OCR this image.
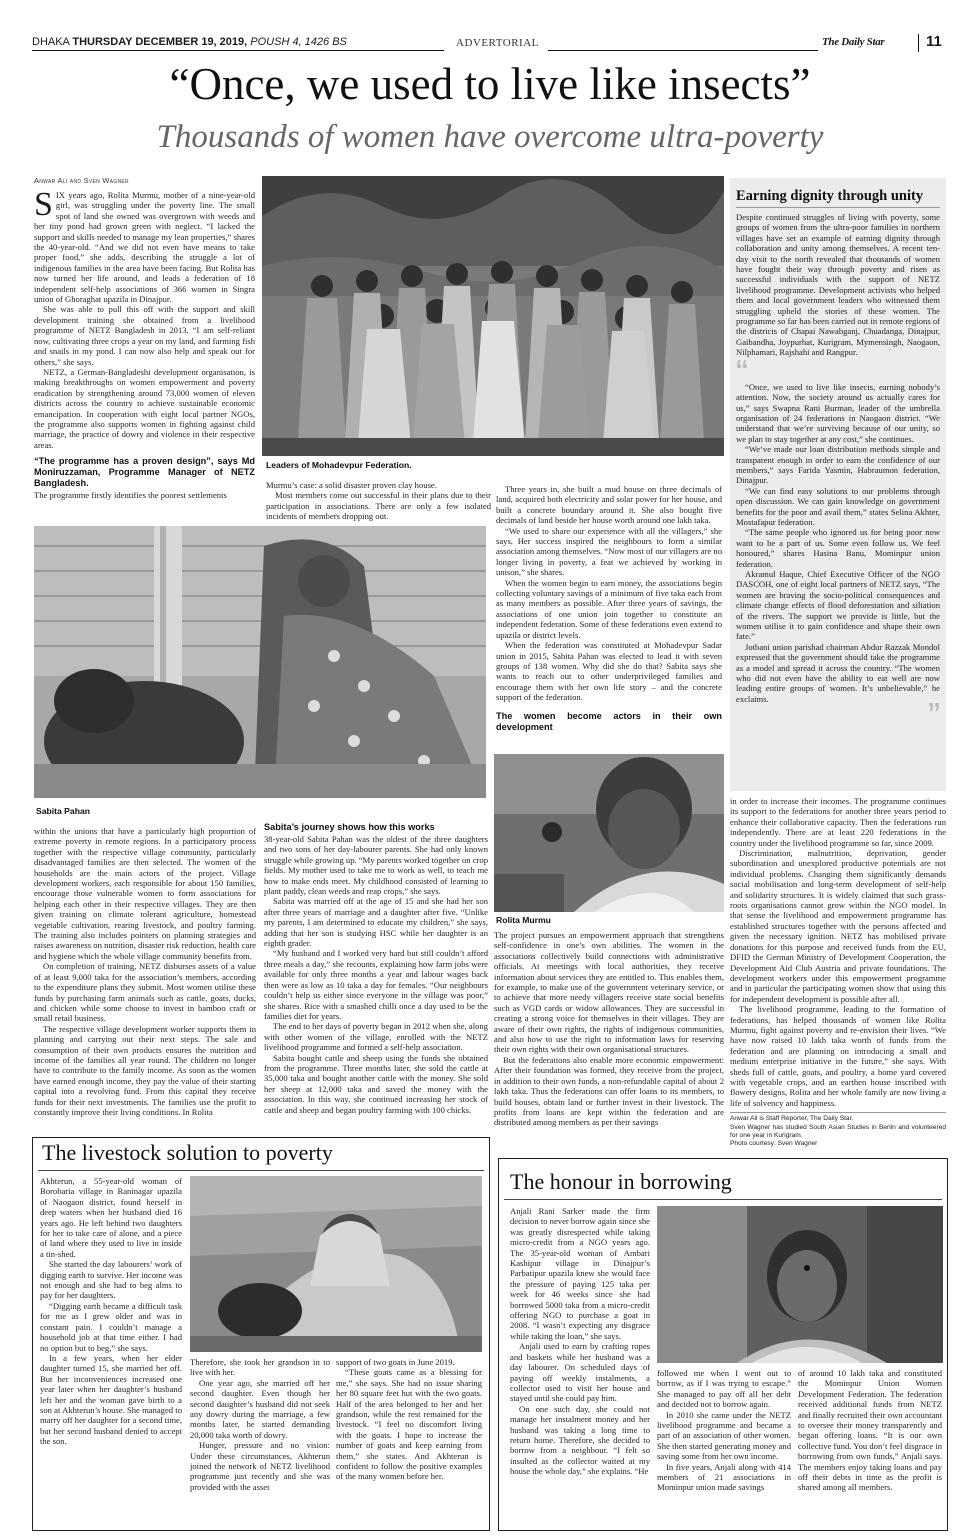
DHAKA THURSDAY DECEMBER 19, 2019, POUSH 4, 1426 BS	ADVERTORIAL	The Daily Star	11
“Once, we used to live like insects”
Thousands of women have overcome ultra-poverty
Anwar Ali and Sven Wagner
S IX years ago, Rolita Murmu, mother of a nine-year-old girl, was struggling under the poverty line. The small spot of land she owned was overgrown with weeds and her tiny pond had grown green with neglect. “I lacked the support and skills needed to manage my lean properties,” shares the 40-year-old. “And we did not even have means to take proper food,” she adds, describing the struggle a lot of indigenous families in the area have been facing. But Rolita has now turned her life around, and leads a federation of 18 independent self-help associations of 366 women in Singra union of Ghoraghat upazila in Dinajpur.

She was able to pull this off with the support and skill development training she obtained from a livelihood programme of NETZ Bangladesh in 2013. “I am self-reliant now, cultivating three crops a year on my land, and farming fish and snails in my pond. I can now also help and speak out for others,” she says.

NETZ, a German-Bangladeshi development organisation, is making breakthroughs on women empowerment and poverty eradication by strengthening around 73,000 women of eleven districts across the country to achieve sustainable economic emancipation. In cooperation with eight local partner NGOs, the programme also supports women in fighting against child marriage, the practice of dowry and violence in their respective areas.

“The programme has a proven design”, says Md Moniruzzaman, Programme Manager of NETZ Bangladesh.

The programme firstly identifies the poorest settlements

Leaders of Mohadevpur Federation.

Murmu’s case: a solid disaster proven clay house.

Most members come out successful in their plans due to their participation in associations. There are only a few isolated incidents of members dropping out.

Three years in, she built a mud house on three decimals of land, acquired both electricity and solar power for her house, and built a concrete boundary around it. She also bought five decimals of land beside her house worth around one lakh taka.

“We used to share our experience with all the villagers,” she says. Her success inspired the neighbours to form a similar association among themselves. “Now most of our villagers are no longer living in poverty, a feat we achieved by working in unison,” she shares.

When the women begin to earn money, the associations begin collecting voluntary savings of a minimum of five taka each from as many members as possible. After three years of savings, the associations of one union join together to constitute an independent federation. Some of these federations even extend to upazila or district levels.

When the federation was constituted at Mohadevpur Sadar union in 2015, Sabita Pahan was elected to lead it with seven groups of 138 women. Why did she do that? Sabita says she wants to reach out to other underprivileged families and encourage them with her own life story – and the concrete support of the federation.

The women become actors in their own development
Earning dignity through unity

Despite continued struggles of living with poverty, some groups of women from the ultra-poor families in northern villages have set an example of earning dignity through collaboration and unity among themselves. A recent ten-day visit to the north revealed that thousands of women have fought their way through poverty and risen as successful individuals with the support of NETZ livelihood programme. Development activists who helped them and local government leaders who witnessed them struggling upheld the stories of these women. The programme so far has been carried out in remote regions of the districts of Chapai Nawabganj, Chuadanga, Dinajpur, Gaibandha, Joypurhat, Kurigram, Mymensingh, Naogaon, Nilphamari, Rajshahi and Rangpur.

“

“Once, we used to live like insects, earning nobody’s attention. Now, the society around us actually cares for us,” says Swapna Rani Burman, leader of the umbrella organisation of 24 federations in Naogaon district. “We understand that we’re surviving because of our unity, so we plan to stay together at any cost,” she continues.

“We’ve made our loan distribution methods simple and transparent enough in order to earn the confidence of our members,” says Farida Yasmin, Habraumon federation, Dinajpur.

“We can find easy solutions to our problems through open discussion. We can gain knowledge on government benefits for the poor and avail them,” states Selina Akhter, Mostafapur federation.

“The same people who ignored us for being poor now want to be a part of us. Some even follow us. We feel honoured,” shares Hasina Banu, Mominpur union federation.

Akramul Haque, Chief Executive Officer of the NGO DASCOH, one of eight local partners of NETZ says, “The women are braving the socio-political consequences and climate change effects of flood deforestation and siltation of the rivers. The support we provide is little, but the women utilise it to gain confidence and shape their own fate.”

Jotbani union parishad chairman Abdur Razzak Mondol expressed that the government should take the programme as a model and spread it across the country. “The women who did not even have the ability to eat well are now leading entire groups of women. It’s unbelievable,” he exclaims.	”
Sabita Pahan
Rolita Murmu

within the unions that have a particularly high proportion of extreme poverty in remote regions. In a participatory process together with the respective village community, particularly disadvantaged families are then selected. The women of the households are the main actors of the project. Village development workers, each responsible for about 150 families, encourage those vulnerable women to form associations for helping each other in their respective villages. They are then given training on climate tolerant agriculture, homestead vegetable cultivation, rearing livestock, and poultry farming. The training also includes pointers on planning strategies and raises awareness on nutrition, disaster risk reduction, health care and hygiene which the whole village community benefits from.

On completion of training, NETZ disburses assets of a value of at least 9,000 taka for the association’s members, according to the expenditure plans they submit. Most women utilise these funds by purchasing farm animals such as cattle, goats, ducks, and chicken while some choose to invest in bamboo craft or small retail business.

The respective village development worker supports them in planning and carrying out their next steps. The sale and consumption of their own products ensures the nutrition and income of the families all year round. The children no longer have to contribute to the family income. As soon as the women have earned enough income, they pay the value of their starting capital into a revolving fund. From this capital they receive funds for their next investments. The families use the profit to constantly improve their living conditions. In Rolita

Sabita’s journey shows how this works

38-year-old Sabita Pahan was the oldest of the three daughters and two sons of her day-labourer parents. She had only known struggle while growing up. “My parents worked together on crop fields. My mother used to take me to work as well, to teach me how to make ends meet. My childhood consisted of learning to plant paddy, clean weeds and reap crops,” she says.

Sabita was married off at the age of 15 and she had her son after three years of marriage and a daughter after five. “Unlike my parents, I am determined to educate my children,” she says, adding that her son is studying HSC while her daughter is an eighth grader.

“My husband and I worked very hard but still couldn’t afford three meals a day,” she recounts, explaining how farm jobs were available for only three months a year and labour wages back then were as low as 10 taka a day for females. “Our neighbours couldn’t help us either since everyone in the village was poor,” she shares. Rice with a smashed chilli once a day used to be the families diet for years.

The end to her days of poverty began in 2012 when she, along with other women of the village, enrolled with the NETZ livelihood programme and formed a self-help association.

Sabita bought cattle and sheep using the funds she obtained from the programme. Three months later, she sold the cattle at 35,000 taka and bought another cattle with the money. She sold her sheep at 12,000 taka and saved the money with the association. In this way, she continued increasing her stock of cattle and sheep and began poultry farming with 100 chicks.

The project pursues an empowerment approach that strengthens self-confidence in one’s own abilities. The women in the associations collectively build connections with administrative officials. At meetings with local authorities, they receive information about services they are entitled to. This enables them, for example, to make use of the government veterinary service, or to achieve that more needy villagers receive state social benefits such as VGD cards or widow allowances. They are successful in creating a strong voice for themselves in their villages. They are aware of their own rights, the rights of indigenous communities, and also how to use the right to information laws for reserving their own rights with their own organisational structures.

But the federations also enable more economic empowerment: After their foundation was formed, they receive from the project, in addition to their own funds, a non-refundable capital of about 2 lakh taka. Thus the federations can offer loans to its members, to build houses, obtain land or further invest in their livestock. The profits from loans are kept within the federation and are distributed among members as per their savings

in order to increase their incomes. The programme continues its support to the federations for another three years period to enhance their collaborative capacity. Then the federations run independently. There are at least 220 federations in the country under the livelihood programme so far, since 2009.

Discrimination, malnutrition, deprivation, gender subordination and unexplored productive potentials are not individual problems. Changing them significantly demands social mobilisation and long-term development of self-help and solidarity structures. It is widely claimed that such grass-roots organisations cannot grow within the NGO model. In that sense the livelihood and empowerment programme has established structures together with the persons affected and given the necessary ignition. NETZ has mobilised private donations for this purpose and received funds from the EU, DFID the German Ministry of Development Cooperation, the Development Aid Club Austria and private foundations. The development workers under this empowerment programme and in particular the participating women show that using this for independent development is possible after all.

The livelihood programme, leading to the formation of federations, has helped thousands of women like Rolita Murmu, fight against poverty and re-envision their lives. “We have now raised 10 lakh taka worth of funds from the federation and are planning on introducing a small and medium enterprise initiative in the future,” she says. With sheds full of cattle, goats, and poultry, a home yard covered with vegetable crops, and an earthen house inscribed with flowery designs, Rolita and her whole family are now living a life of solvency and happiness.

Anwar Ali is Staff Reporter, The Daily Star.
Sven Wagner has studied South Asian Studies in Berlin and volunteered for one year in Kurigram.
Photo courtesy: Sven Wagner
The livestock solution to poverty

Akhterun, a 55-year-old woman of Borobaria village in Raninagar upazila of Naogaon district, found herself in deep waters when her husband died 16 years ago. He left behind two daughters for her to take care of alone, and a piece of land where they used to live in inside a tin-shed.

She started the day labourers’ work of digging earth to survive. Her income was not enough and she had to beg alms to pay for her daughters.

“Digging earth became a difficult task for me as I grew older and was in constant pain. I couldn’t manage a household job at that time either. I had no option but to beg,” she says.

In a few years, when her elder daughter turned 15, she married her off. But her inconveniences increased one year later when her daughter’s husband left her and the woman gave birth to a son at Akhterun’s house. She managed to marry off her daughter for a second time, but her second husband denied to accept the son.

Therefore, she took her grandson in to live with her.

One year ago, she married off her second daughter. Even though her second daughter’s husband did not seek any dowry during the marriage, a few months later, he started demanding 20,000 taka worth of dowry.

Hunger, pressure and no vision: Under these circumstances, Akhterun joined the network of NETZ livelihood programme just recently and she was provided with the asset

support of two goats in June 2019.

“These goats came as a blessing for me,” she says. She had no issue sharing her 80 square feet hut with the two goats. Half of the area belonged to her and her grandson, while the rest remained for the livestock. “I feel no discomfort living with the goats. I hope to increase the number of goats and keep earning from them,” she states. And Akhterun is confident to follow the positive examples of the many women before her.

The honour in borrowing

Anjali Rani Sarker made the firm decision to never borrow again since she was greatly disrespected while taking micro-credit from a NGO years ago. The 35-year-old woman of Ambari Kashipur village in Dinajpur’s Parbatipur upazila knew she would face the pressure of paying 125 taka per week for 46 weeks since she had borrowed 5000 taka from a micro-credit offering NGO to purchase a goat in 2008. “I wasn’t expecting any disgrace while taking the loan,” she says.

Anjali used to earn by crafting ropes and baskets while her husband was a day labourer. On scheduled days of paying off weekly instalments, a collector used to visit her house and stayed until she could pay him.

On one such day, she could not manage her instalment money and her husband was taking a long time to return home. Therefore, she decided to borrow from a neighbour. “I felt so insulted as the collector waited at my house the whole day,” she explains. “He

followed me when I went out to borrow, as if I was trying to escape.” She managed to pay off all her debt and decided not to borrow again.

In 2010 she came under the NETZ livelihood programme and became a part of an association of other women. She then started generating money and saving some from her own income.

In five years, Anjali along with 414 members of 21 associations in Mominpur union made savings

of around 10 lakh taka and constituted the Mominpur Union Women Development Federation. The federation received additional funds from NETZ and finally recruited their own accountant to oversee their money transparently and began offering loans. “It is our own collective fund. You don’t feel disgrace in borrowing from own funds,” Anjali says. The members enjoy taking loans and pay off their debts in time as the profit is shared among all members.
